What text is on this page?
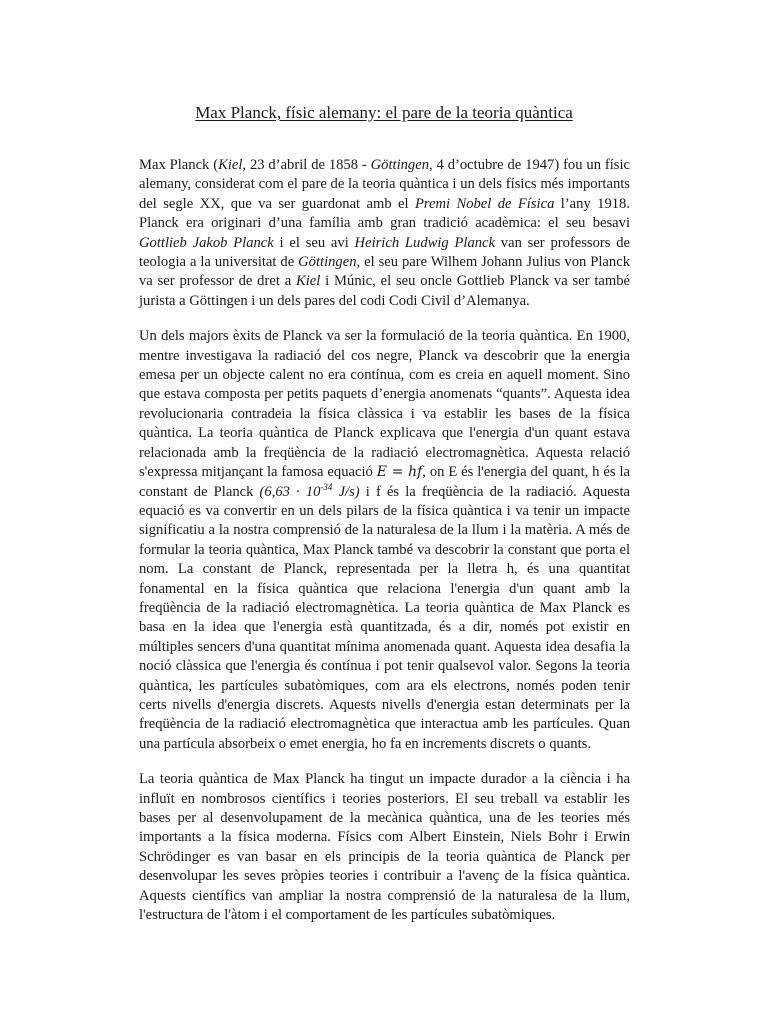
Max Planck, físic alemany: el pare de la teoria quàntica

Max Planck (Kiel, 23 d’abril de 1858 - Göttingen, 4 d’octubre de 1947) fou un físic alemany, considerat com el pare de la teoria quàntica i un dels físics més importants del segle XX, que va ser guardonat amb el Premi Nobel de Física l’any 1918. Planck era originari d’una família amb gran tradició acadèmica: el seu besavi Gottlieb Jakob Planck i el seu avi Heirich Ludwig Planck van ser professors de teologia a la universitat de Göttingen, el seu pare Wilhem Johann Julius von Planck va ser professor de dret a Kiel i Múnic, el seu oncle Gottlieb Planck va ser també jurista a Göttingen i un dels pares del codi Codi Civil d’Alemanya.

Un dels majors èxits de Planck va ser la formulació de la teoria quàntica. En 1900, mentre investigava la radiació del cos negre, Planck va descobrir que la energia emesa per un objecte calent no era contínua, com es creia en aquell moment. Sino que estava composta per petits paquets d’energia anomenats “quants”. Aquesta idea revolucionaria contradeia la física clàssica i va establir les bases de la física quàntica. La teoria quàntica de Planck explicava que l'energia d'un quant estava relacionada amb la freqüència de la radiació electromagnètica. Aquesta relació s'expressa mitjançant la famosa equació E = hf, on E és l'energia del quant, h és la constant de Planck ($6,63 \cdot 10^{-34}$ J/s) i f és la freqüència de la radiació. Aquesta equació es va convertir en un dels pilars de la física quàntica i va tenir un impacte significatiu a la nostra comprensió de la naturalesa de la llum i la matèria. A més de formular la teoria quàntica, Max Planck també va descobrir la constant que porta el nom. La constant de Planck, representada per la lletra h, és una quantitat fonamental en la física quàntica que relaciona l'energia d'un quant amb la freqüència de la radiació electromagnètica. La teoria quàntica de Max Planck es basa en la idea que l'energia està quantitzada, és a dir, només pot existir en múltiples sencers d'una quantitat mínima anomenada quant. Aquesta idea desafia la noció clàssica que l'energia és contínua i pot tenir qualsevol valor. Segons la teoria quàntica, les partícules subatòmiques, com ara els electrons, només poden tenir certs nivells d'energia discrets. Aquests nivells d'energia estan determinats per la freqüència de la radiació electromagnètica que interactua amb les partícules. Quan una partícula absorbeix o emet energia, ho fa en increments discrets o quants.

La teoria quàntica de Max Planck ha tingut un impacte durador a la ciència i ha influït en nombrosos científics i teories posteriors. El seu treball va establir les bases per al desenvolupament de la mecànica quàntica, una de les teories més importants a la física moderna. Físics com Albert Einstein, Niels Bohr i Erwin Schrödinger es van basar en els principis de la teoria quàntica de Planck per desenvolupar les seves pròpies teories i contribuir a l'avenç de la física quàntica. Aquests científics van ampliar la nostra comprensió de la naturalesa de la llum, l'estructura de l'àtom i el comportament de les partícules subatòmiques.
